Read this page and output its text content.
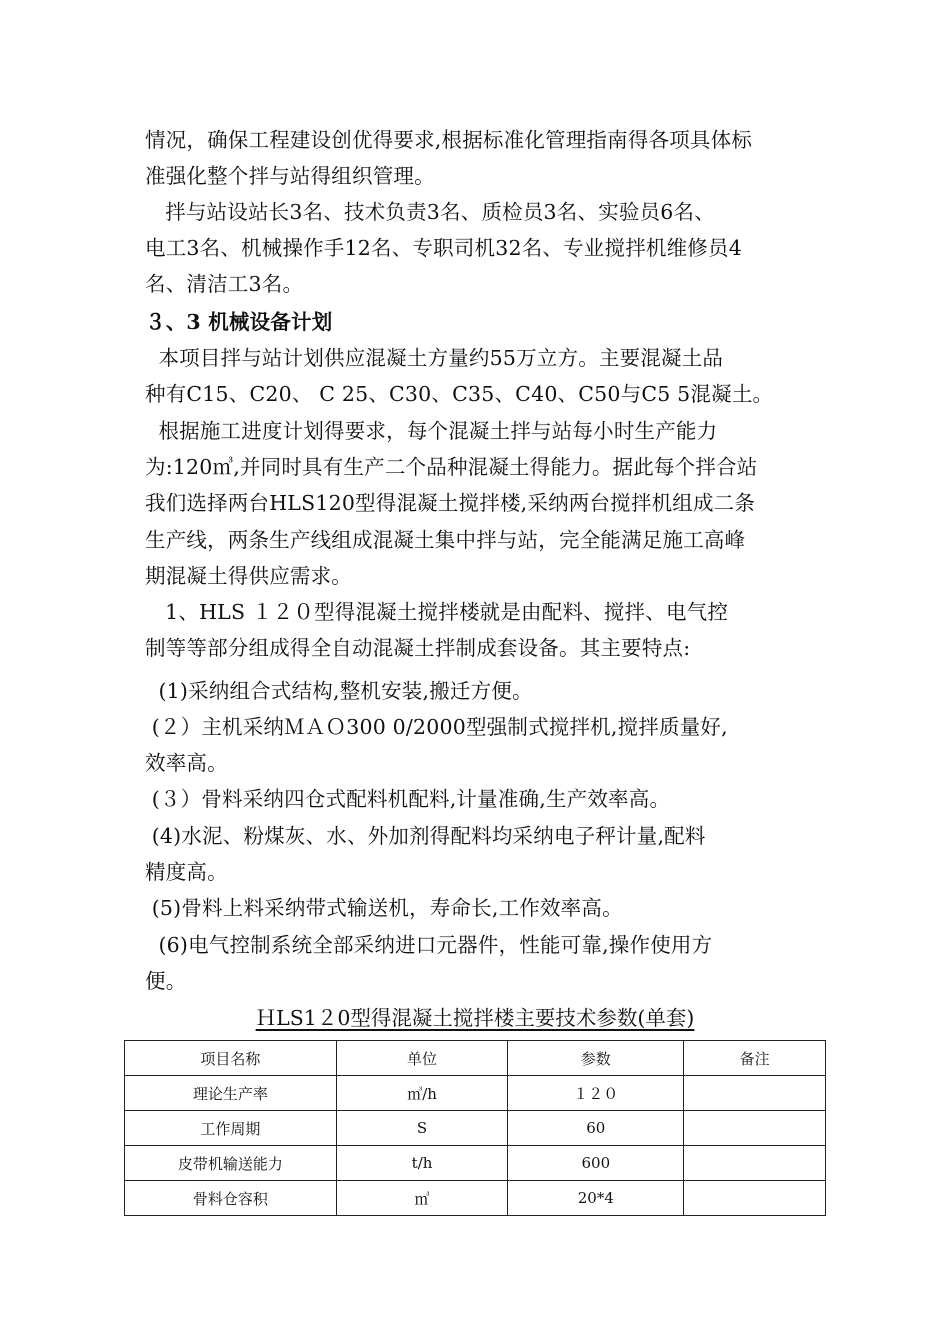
情况，确保工程建设创优得要求,根据标准化管理指南得各项具体标
准强化整个拌与站得组织管理。

拌与站设站长3名、技术负责3名、质检员3名、实验员6名、
电工3名、机械操作手12名、专职司机32名、专业搅拌机维修员4
名、清洁工3名。

３、3 机械设备计划

本项目拌与站计划供应混凝土方量约55万立方。主要混凝土品
种有C15、C20、 C 25、C30、C35、C40、C50与C5 5混凝土。

根据施工进度计划得要求，每个混凝土拌与站每小时生产能力
为:120㎥,并同时具有生产二个品种混凝土得能力。据此每个拌合站
我们选择两台HLS120型得混凝土搅拌楼,采纳两台搅拌机组成二条
生产线，两条生产线组成混凝土集中拌与站，完全能满足施工高峰
期混凝土得供应需求。

1、HLS １２０型得混凝土搅拌楼就是由配料、搅拌、电气控
制等等部分组成得全自动混凝土拌制成套设备。其主要特点:

(1)采纳组合式结构,整机安装,搬迁方便。

(２）主机采纳ＭＡＯ300 0/2000型强制式搅拌机,搅拌质量好,
效率高。

(３）骨料采纳四仓式配料机配料,计量准确,生产效率高。

(4)水泥、粉煤灰、水、外加剂得配料均采纳电子秤计量,配料
精度高。

(5)骨料上料采纳带式输送机，寿命长,工作效率高。

(6)电气控制系统全部采纳进口元器件，性能可靠,操作使用方
便。

ＨLS1２0型得混凝土搅拌楼主要技术参数(单套)
项目名称	单位	参数	备注
理论生产率	㎥/h	１２０	
工作周期	S	60	
皮带机输送能力	t/h	600	
骨料仓容积	㎥	20*4	
